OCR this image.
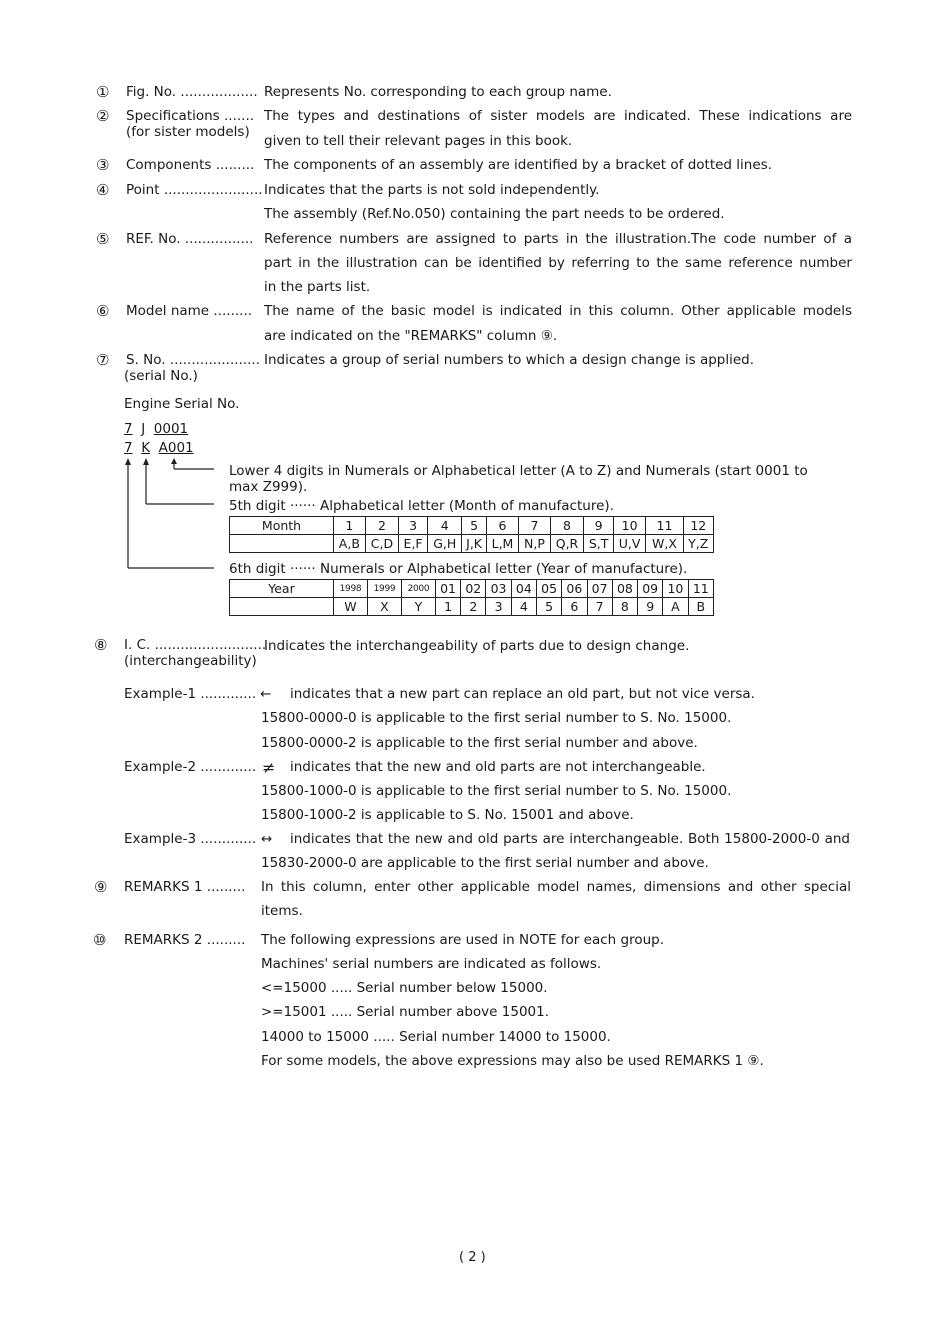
① Fig. No. .................. Represents No. corresponding to each group name.
② Specifications .......
(for sister models)
The types and destinations of sister models are indicated. These indications are
given to tell their relevant pages in this book.
③ Components ......... The components of an assembly are identified by a bracket of dotted lines.
④ Point ....................... Indicates that the parts is not sold independently.
The assembly (Ref.No.050) containing the part needs to be ordered.
⑤ REF. No. ................ Reference numbers are assigned to parts in the illustration.The code number of a
part in the illustration can be identified by referring to the same reference number
in the parts list.
⑥ Model name ......... The name of the basic model is indicated in this column. Other applicable models
are indicated on the "REMARKS" column ⑨.
⑦ S. No. .....................
(serial No.)
Indicates a group of serial numbers to which a design change is applied.
Engine Serial No.
7 J 0001
7 K A001
Lower 4 digits in Numerals or Alphabetical letter (A to Z) and Numerals (start 0001 to
max Z999).
5th digit ······ Alphabetical letter (Month of manufacture).
Month	1	2	3	4	5	6	7	8	9	10	11	12
	A,B	C,D	E,F	G,H	J,K	L,M	N,P	Q,R	S,T	U,V	W,X	Y,Z
6th digit ······ Numerals or Alphabetical letter (Year of manufacture).
Year	1998	1999	2000	01	02	03	04	05	06	07	08	09	10	11
	W	X	Y	1	2	3	4	5	6	7	8	9	A	B
⑧ I. C. ..........................
(interchangeability)
Indicates the interchangeability of parts due to design change.
Example-1 ............. ← indicates that a new part can replace an old part, but not vice versa.
15800-0000-0 is applicable to the first serial number to S. No. 15000.
15800-0000-2 is applicable to the first serial number and above.
Example-2 ............. ≠ indicates that the new and old parts are not interchangeable.
15800-1000-0 is applicable to the first serial number to S. No. 15000.
15800-1000-2 is applicable to S. No. 15001 and above.
Example-3 ............. ↔ indicates that the new and old parts are interchangeable. Both 15800-2000-0 and
15830-2000-0 are applicable to the first serial number and above.
⑨ REMARKS 1 ......... In this column, enter other applicable model names, dimensions and other special
items.
⑩ REMARKS 2 ......... The following expressions are used in NOTE for each group.
Machines' serial numbers are indicated as follows.
<=15000 ..... Serial number below 15000.
>=15001 ..... Serial number above 15001.
14000 to 15000 ..... Serial number 14000 to 15000.
For some models, the above expressions may also be used REMARKS 1 ⑨.
( 2 )
